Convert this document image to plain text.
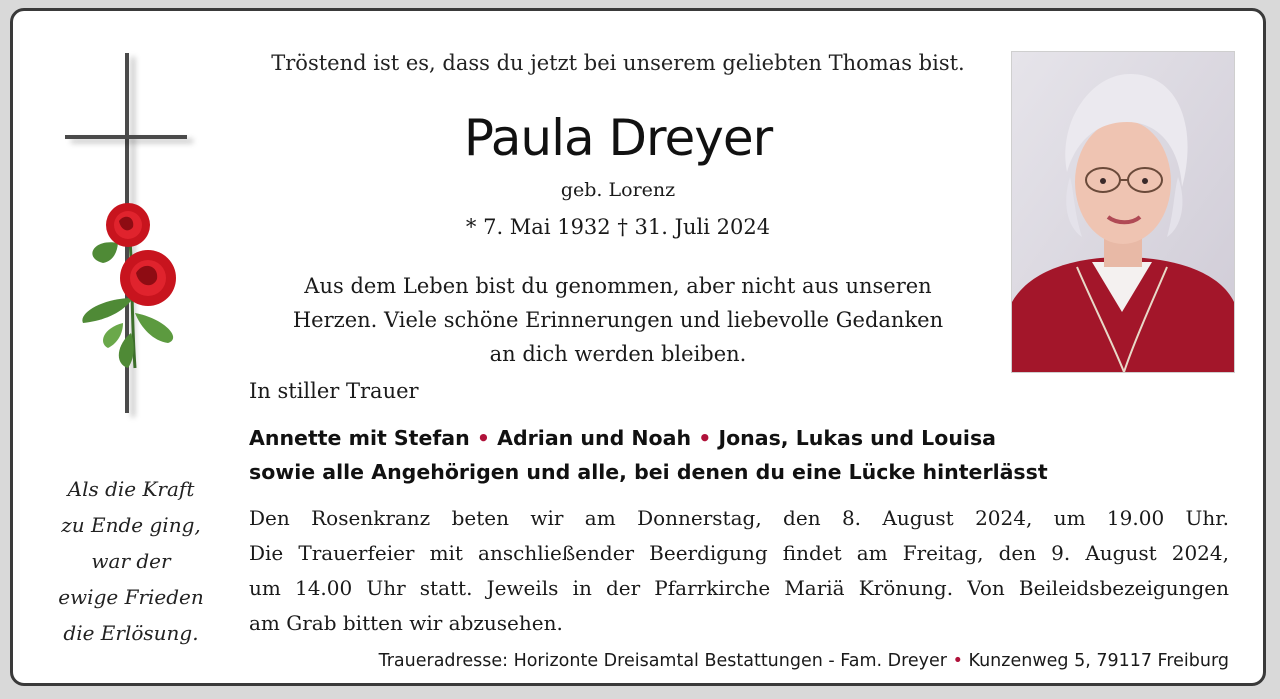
Als die Kraft
zu Ende ging,
war der
ewige Frieden
die Erlösung.
Tröstend ist es, dass du jetzt bei unserem geliebten Thomas bist.
Paula Dreyer
geb. Lorenz
* 7. Mai 1932 † 31. Juli 2024
Aus dem Leben bist du genommen, aber nicht aus unseren
Herzen. Viele schöne Erinnerungen und liebevolle Gedanken
an dich werden bleiben.
In stiller Trauer
Annette mit Stefan • Adrian und Noah • Jonas, Lukas und Louisa
sowie alle Angehörigen und alle, bei denen du eine Lücke hinterlässt
Den Rosenkranz beten wir am Donnerstag, den 8. August 2024, um 19.00 Uhr.
Die Trauerfeier mit anschließender Beerdigung findet am Freitag, den 9. August 2024,
um 14.00 Uhr statt. Jeweils in der Pfarrkirche Mariä Krönung. Von Beileidsbezeigungen
am Grab bitten wir abzusehen.
Traueradresse: Horizonte Dreisamtal Bestattungen - Fam. Dreyer • Kunzenweg 5, 79117 Freiburg
